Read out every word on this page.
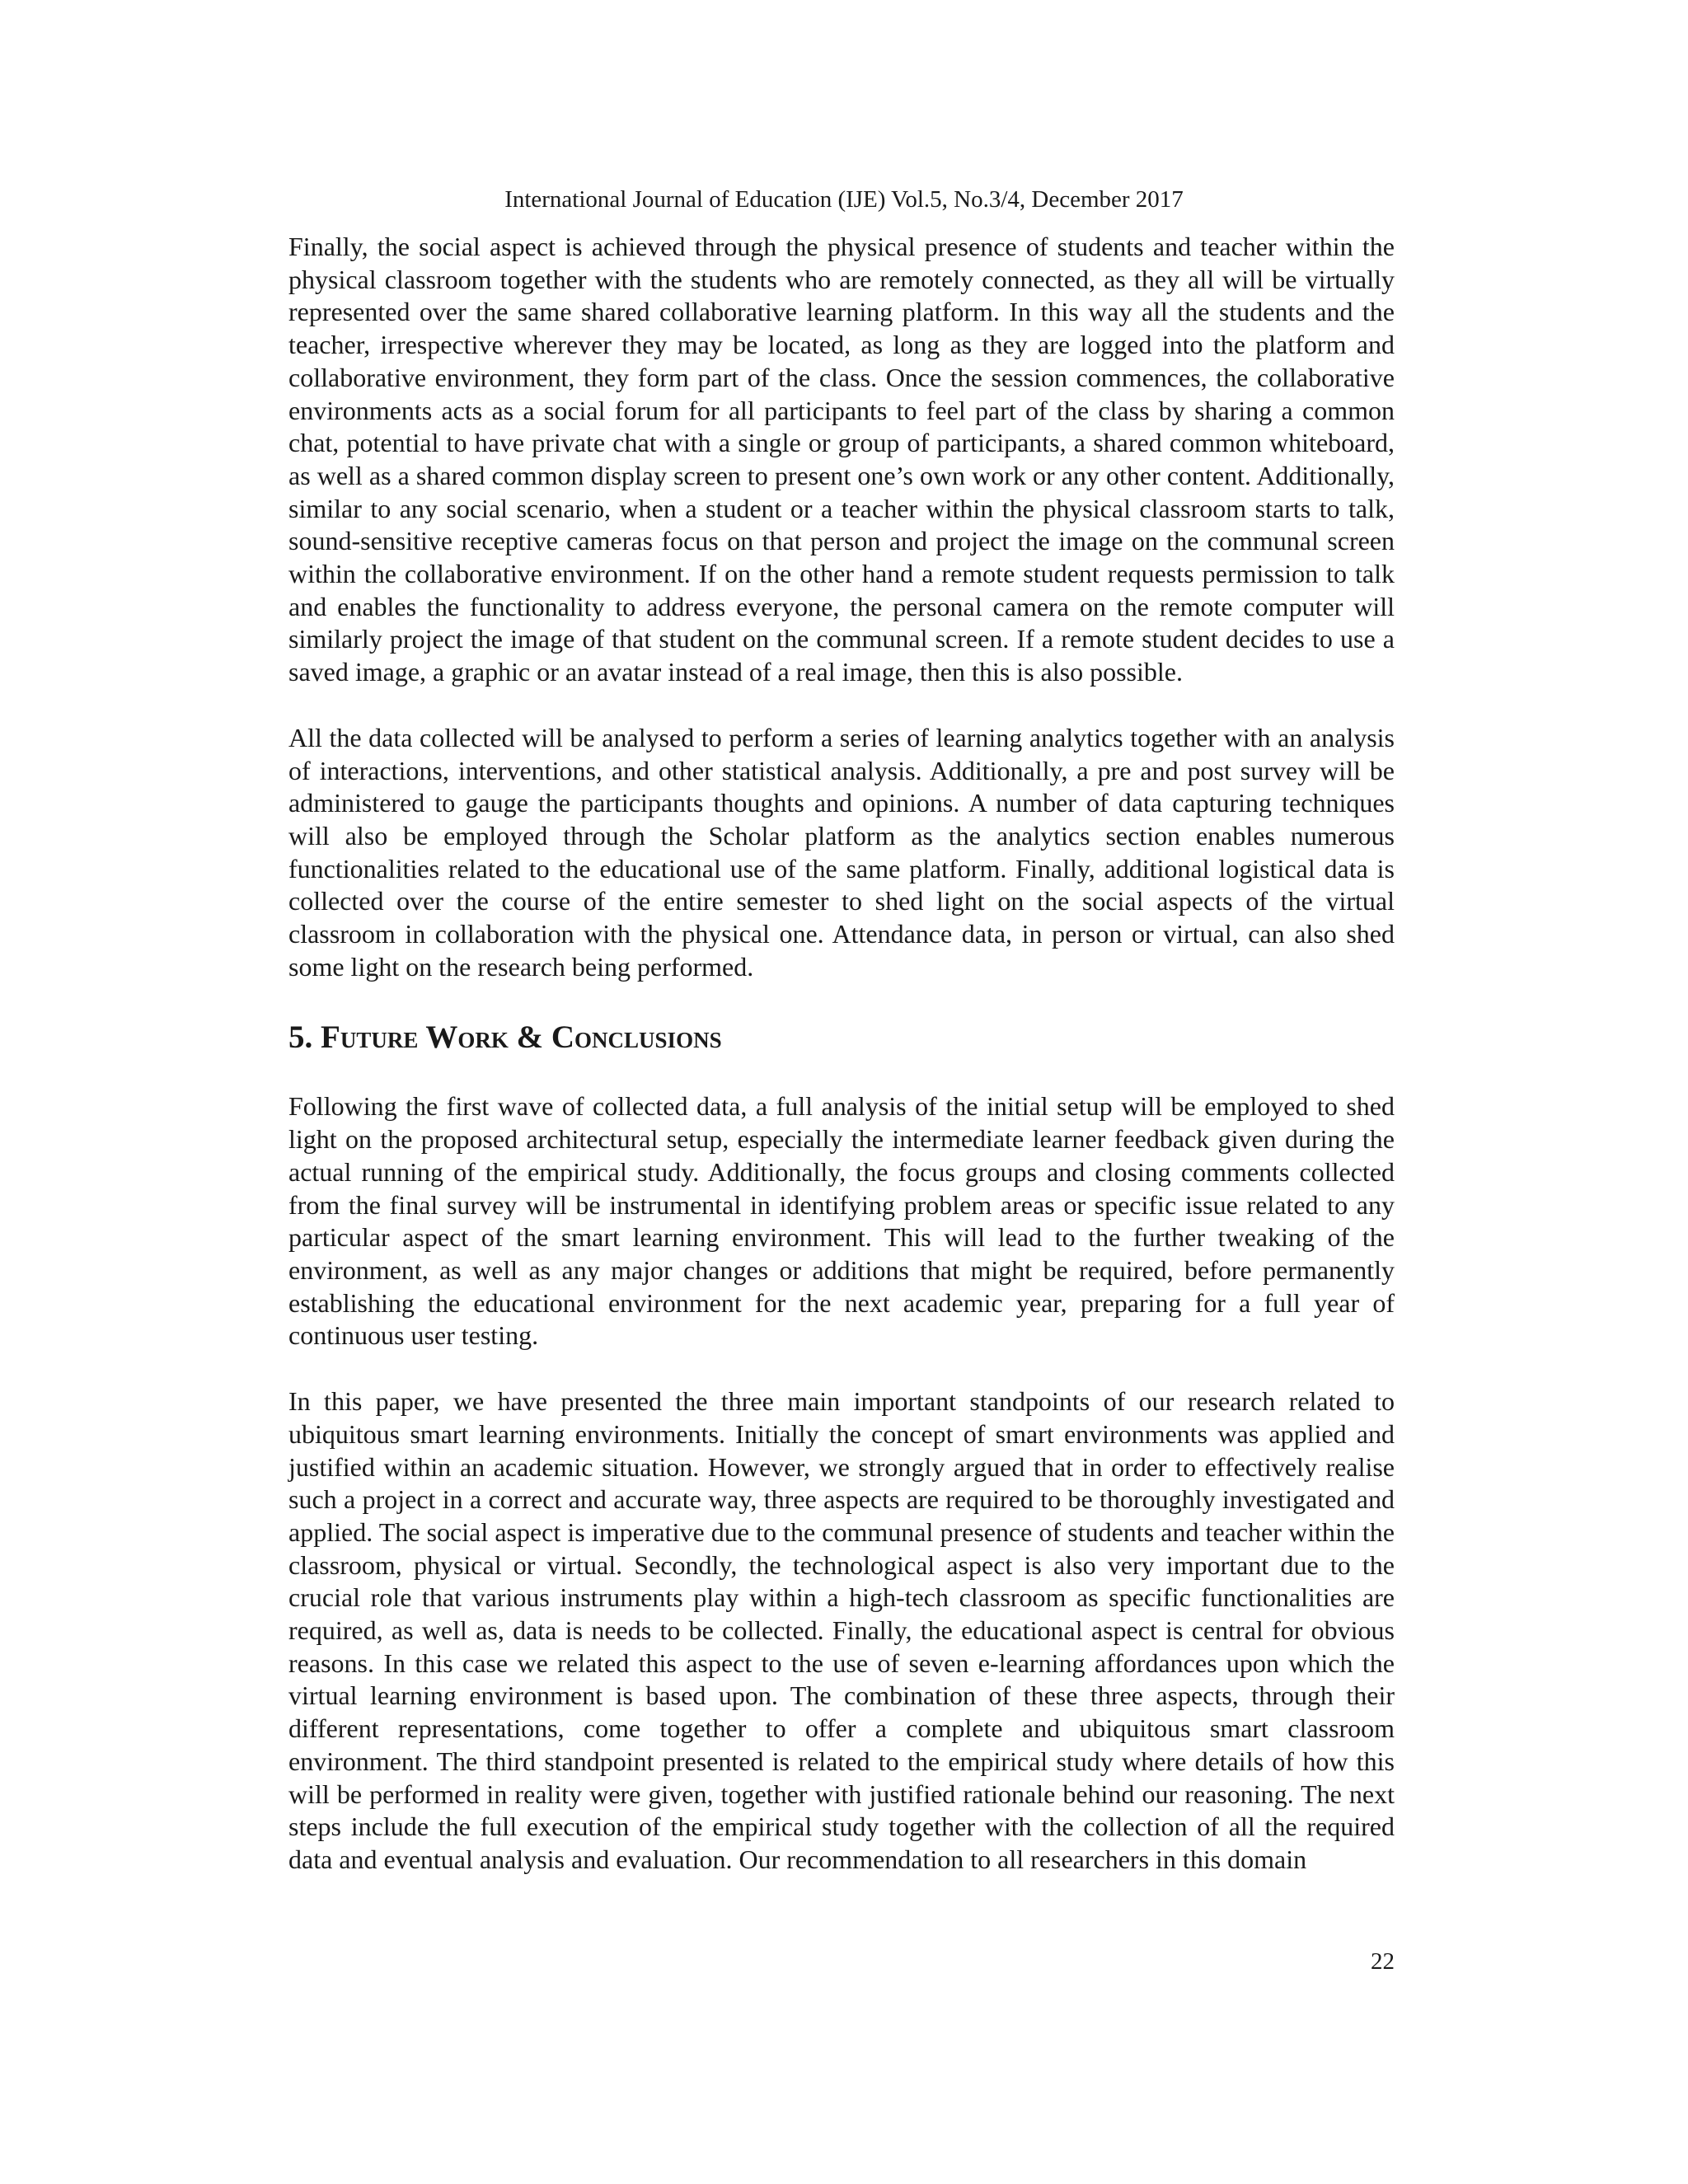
International Journal of Education (IJE) Vol.5, No.3/4, December 2017

Finally, the social aspect is achieved through the physical presence of students and teacher within the physical classroom together with the students who are remotely connected, as they all will be virtually represented over the same shared collaborative learning platform. In this way all the students and the teacher, irrespective wherever they may be located, as long as they are logged into the platform and collaborative environment, they form part of the class. Once the session commences, the collaborative environments acts as a social forum for all participants to feel part of the class by sharing a common chat, potential to have private chat with a single or group of participants, a shared common whiteboard, as well as a shared common display screen to present one’s own work or any other content. Additionally, similar to any social scenario, when a student or a teacher within the physical classroom starts to talk, sound-sensitive receptive cameras focus on that person and project the image on the communal screen within the collaborative environment. If on the other hand a remote student requests permission to talk and enables the functionality to address everyone, the personal camera on the remote computer will similarly project the image of that student on the communal screen. If a remote student decides to use a saved image, a graphic or an avatar instead of a real image, then this is also possible.

All the data collected will be analysed to perform a series of learning analytics together with an analysis of interactions, interventions, and other statistical analysis. Additionally, a pre and post survey will be administered to gauge the participants thoughts and opinions. A number of data capturing techniques will also be employed through the Scholar platform as the analytics section enables numerous functionalities related to the educational use of the same platform. Finally, additional logistical data is collected over the course of the entire semester to shed light on the social aspects of the virtual classroom in collaboration with the physical one. Attendance data, in person or virtual, can also shed some light on the research being performed.

5. Future Work & Conclusions

Following the first wave of collected data, a full analysis of the initial setup will be employed to shed light on the proposed architectural setup, especially the intermediate learner feedback given during the actual running of the empirical study. Additionally, the focus groups and closing comments collected from the final survey will be instrumental in identifying problem areas or specific issue related to any particular aspect of the smart learning environment. This will lead to the further tweaking of the environment, as well as any major changes or additions that might be required, before permanently establishing the educational environment for the next academic year, preparing for a full year of continuous user testing.

In this paper, we have presented the three main important standpoints of our research related to ubiquitous smart learning environments. Initially the concept of smart environments was applied and justified within an academic situation. However, we strongly argued that in order to effectively realise such a project in a correct and accurate way, three aspects are required to be thoroughly investigated and applied. The social aspect is imperative due to the communal presence of students and teacher within the classroom, physical or virtual. Secondly, the technological aspect is also very important due to the crucial role that various instruments play within a high-tech classroom as specific functionalities are required, as well as, data is needs to be collected. Finally, the educational aspect is central for obvious reasons. In this case we related this aspect to the use of seven e-learning affordances upon which the virtual learning environment is based upon. The combination of these three aspects, through their different representations, come together to offer a complete and ubiquitous smart classroom environment. The third standpoint presented is related to the empirical study where details of how this will be performed in reality were given, together with justified rationale behind our reasoning. The next steps include the full execution of the empirical study together with the collection of all the required data and eventual analysis and evaluation. Our recommendation to all researchers in this domain

22
